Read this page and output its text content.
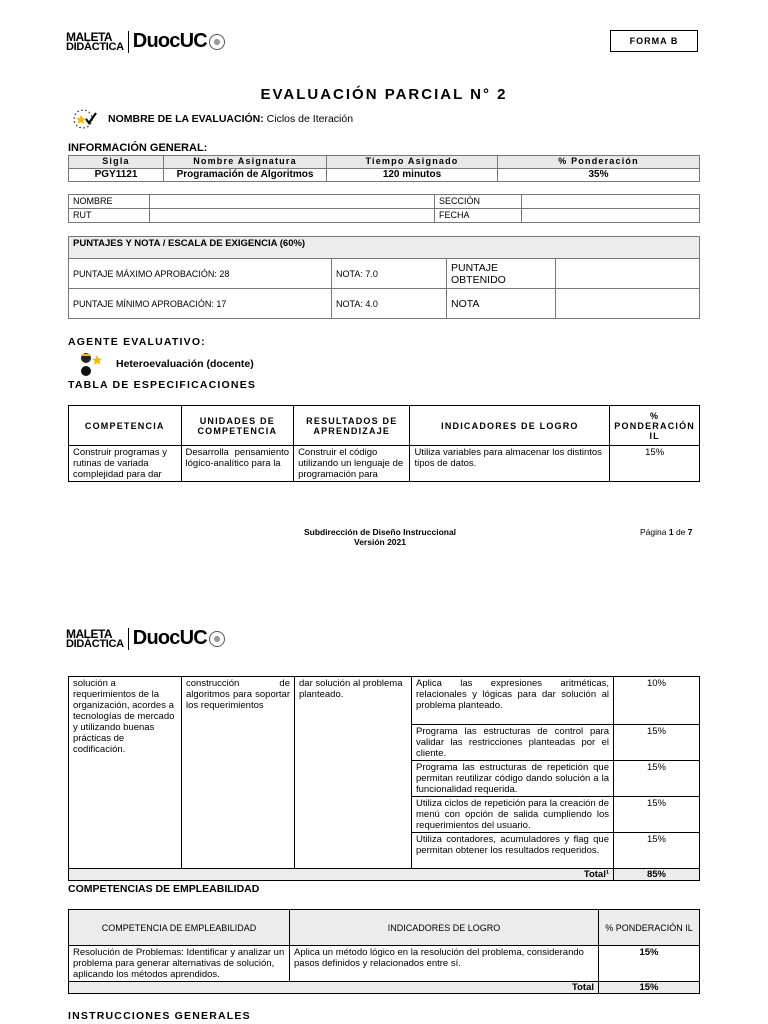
MALETA
DIDÁCTICA DuocUC	FORMA B
EVALUACIÓN PARCIAL N° 2
NOMBRE DE LA EVALUACIÓN: Ciclos de Iteración
INFORMACIÓN GENERAL:
Sigla	Nombre Asignatura	Tiempo Asignado	% Ponderación
PGY1121	Programación de Algoritmos	120 minutos	35%
NOMBRE		SECCIÓN	
RUT		FECHA	
PUNTAJES Y NOTA / ESCALA DE EXIGENCIA (60%)			
PUNTAJE MÁXIMO APROBACIÓN: 28	NOTA: 7.0	PUNTAJE OBTENIDO	
PUNTAJE MÍNIMO APROBACIÓN: 17	NOTA: 4.0	NOTA	
AGENTE EVALUATIVO:
Heteroevaluación (docente)
TABLA DE ESPECIFICACIONES
COMPETENCIA	UNIDADES DE COMPETENCIA	RESULTADOS DE APRENDIZAJE	INDICADORES DE LOGRO	% PONDERACIÓN IL
Construir programas y rutinas de variada complejidad para dar	Desarrolla pensamiento lógico-analítico para la	Construir el código utilizando un lenguaje de programación para	Utiliza variables para almacenar los distintos tipos de datos.	15%
Subdirección de Diseño Instruccional
Versión 2021
Página 1 de 7
MALETA
DIDÁCTICA DuocUC
solución a requerimientos de la organización, acordes a tecnologías de mercado y utilizando buenas prácticas de codificación.	construcción de algoritmos para soportar los requerimientos	dar solución al problema planteado.	Aplica las expresiones aritméticas, relacionales y lógicas para dar solución al problema planteado.	10%
			Programa las estructuras de control para validar las restricciones planteadas por el cliente.	15%
			Programa las estructuras de repetición que permitan reutilizar código dando solución a la funcionalidad requerida.	15%
			Utiliza ciclos de repetición para la creación de menú con opción de salida cumpliendo los requerimientos del usuario.	15%
			Utiliza contadores, acumuladores y flag que permitan obtener los resultados requeridos.	15%
Total¹				85%
COMPETENCIAS DE EMPLEABILIDAD
COMPETENCIA DE EMPLEABILIDAD	INDICADORES DE LOGRO	% PONDERACIÓN IL
Resolución de Problemas: Identificar y analizar un problema para generar alternativas de solución, aplicando los métodos aprendidos.	Aplica un método lógico en la resolución del problema, considerando pasos definidos y relacionados entre sí.	15%
Total		15%
INSTRUCCIONES GENERALES
